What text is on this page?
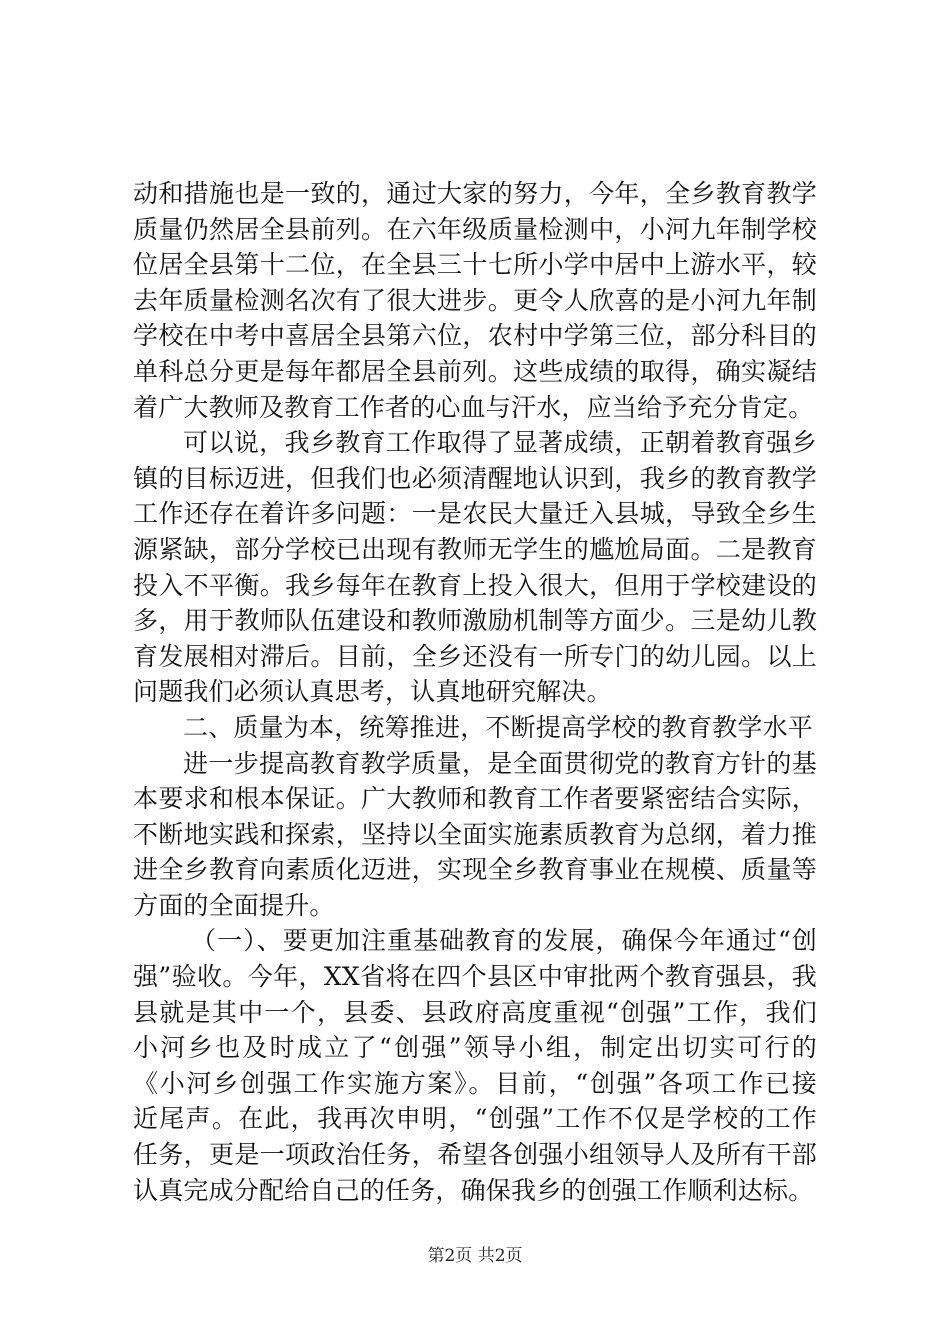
动和措施也是一致的，通过大家的努力，今年，全乡教育教学
质量仍然居全县前列。在六年级质量检测中，小河九年制学校
位居全县第十二位，在全县三十七所小学中居中上游水平，较
去年质量检测名次有了很大进步。更令人欣喜的是小河九年制
学校在中考中喜居全县第六位，农村中学第三位，部分科目的
单科总分更是每年都居全县前列。这些成绩的取得，确实凝结
着广大教师及教育工作者的心血与汗水，应当给予充分肯定。
可以说，我乡教育工作取得了显著成绩，正朝着教育强乡
镇的目标迈进，但我们也必须清醒地认识到，我乡的教育教学
工作还存在着许多问题：一是农民大量迁入县城，导致全乡生
源紧缺，部分学校已出现有教师无学生的尴尬局面。二是教育
投入不平衡。我乡每年在教育上投入很大，但用于学校建设的
多，用于教师队伍建设和教师激励机制等方面少。三是幼儿教
育发展相对滞后。目前，全乡还没有一所专门的幼儿园。以上
问题我们必须认真思考，认真地研究解决。
二、质量为本，统筹推进，不断提高学校的教育教学水平
进一步提高教育教学质量，是全面贯彻党的教育方针的基
本要求和根本保证。广大教师和教育工作者要紧密结合实际，
不断地实践和探索，坚持以全面实施素质教育为总纲，着力推
进全乡教育向素质化迈进，实现全乡教育事业在规模、质量等
方面的全面提升。
（一）、要更加注重基础教育的发展，确保今年通过“创
强”验收。今年，XX省将在四个县区中审批两个教育强县，我
县就是其中一个，县委、县政府高度重视“创强”工作，我们
小河乡也及时成立了“创强”领导小组，制定出切实可行的
《小河乡创强工作实施方案》。目前，“创强”各项工作已接
近尾声。在此，我再次申明，“创强”工作不仅是学校的工作
任务，更是一项政治任务，希望各创强小组领导人及所有干部
认真完成分配给自己的任务，确保我乡的创强工作顺利达标。
第2页 共2页
